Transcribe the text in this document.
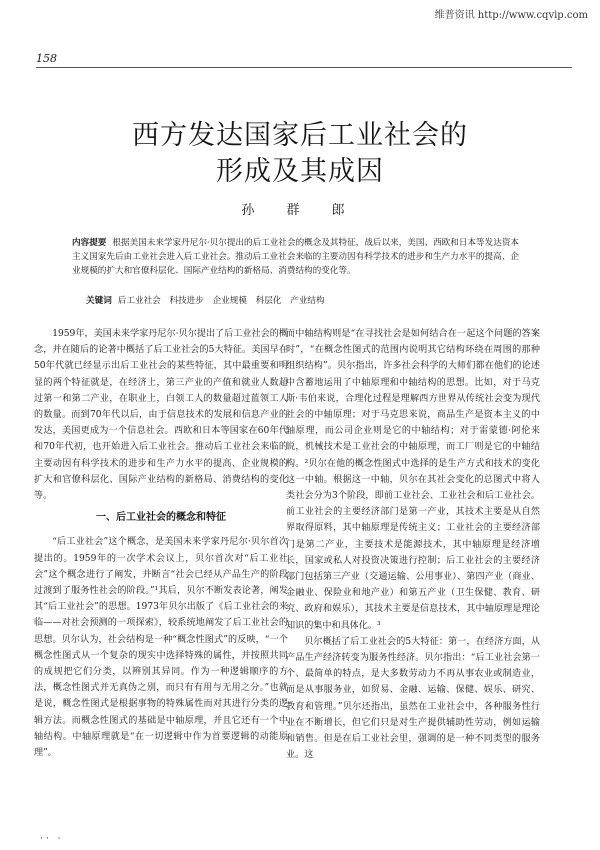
维普资讯 http://www.cqvip.com
158
西方发达国家后工业社会的
形成及其成因
孙 群 郎
内容提要 根据美国未来学家丹尼尔·贝尔提出的后工业社会的概念及其特征，战后以来，美国、西欧和日本等发达资本主义国家先后由工业社会进入后工业社会。推动后工业社会来临的主要动因有科学技术的进步和生产力水平的提高、企业规模的扩大和官僚科层化、国际产业结构的新格局、消费结构的变化等。
关键词 后工业社会 科技进步 企业规模 科层化 产业结构

1959年，美国未来学家丹尼尔·贝尔提出了后工业社会的概念，并在随后的论著中概括了后工业社会的5大特征。美国早在50年代就已经显示出后工业社会的某些特征，其中最重要和明显的两个特征就是，在经济上，第三产业的产值和就业人数超过第一和第二产业，在职业上，白领工人的数量超过蓝领工人的数量。而到70年代以后，由于信息技术的发展和信息产业的发达，美国更成为一个信息社会。西欧和日本等国家在60年代和70年代初，也开始进入后工业社会。推动后工业社会来临的主要动因有科学技术的进步和生产力水平的提高、企业规模的扩大和官僚科层化、国际产业结构的新格局、消费结构的变化等。

一、后工业社会的概念和特征

“后工业社会”这个概念，是美国未来学家丹尼尔·贝尔首次提出的。1959年的一次学术会议上，贝尔首次对“后工业社会”这个概念进行了阐发，并断言“社会已经从产品生产的阶段过渡到了服务性社会的阶段。”¹其后，贝尔不断发表论著，阐发其“后工业社会”的思想。1973年贝尔出版了《后工业社会的来临——对社会预测的一项探索》，较系统地阐发了后工业社会的思想。贝尔认为，社会结构是一种“概念性图式”的反映，“一个概念性图式从一个复杂的现实中选择特殊的属性，并按照共同的成规把它们分类，以辨别其异同。作为一种逻辑顺序的方法，概念性图式并无真伪之别，而只有有用与无用之分。”也就是说，概念性图式是根据事物的特殊属性而对其进行分类的逻辑方法。而概念性图式的基础是中轴原理，并且它还有一个中轴结构。中轴原理就是“在一切逻辑中作为首要逻辑的动能原理”。

而中轴结构则是“在寻找社会是如何结合在一起这个问题的答案时”，“在概念性图式的范围内说明其它结构环绕在周围的那种组织结构”。贝尔指出，许多社会科学的大师们都在他们的论述中含蓄地运用了中轴原理和中轴结构的思想。比如，对于马克斯·韦伯来说，合理化过程是理解西方世界从传统社会变为现代社会的中轴原理；对于马克思来说，商品生产是资本主义的中轴原理，而公司企业则是它的中轴结构；对于雷蒙德·阿伦来说，机械技术是工业社会的中轴原理，而工厂则是它的中轴结构。²贝尔在他的概念性图式中选择的是生产方式和技术的变化这一中轴。根据这一中轴，贝尔在其社会变化的总图式中将人类社会分为3个阶段，即前工业社会、工业社会和后工业社会。前工业社会的主要经济部门是第一产业，其技术主要是从自然界取得原料，其中轴原理是传统主义；工业社会的主要经济部门是第二产业，主要技术是能源技术，其中轴原理是经济增长，国家或私人对投资决策进行控制；后工业社会的主要经济部门包括第三产业（交通运输、公用事业）、第四产业（商业、金融业、保险业和地产业）和第五产业（卫生保健、教育、研究、政府和娱乐），其技术主要是信息技术，其中轴原理是理论知识的集中和具体化。³

贝尔概括了后工业社会的5大特征：第一，在经济方面，从产品生产经济转变为服务性经济。贝尔指出：“后工业社会第一个、最简单的特点，是大多数劳动力不再从事农业或制造业，而是从事服务业，如贸易、金融、运输、保健、娱乐、研究、教育和管理。”贝尔还指出，虽然在工业社会中，各种服务性行业在不断增长，但它们只是对生产提供辅助性劳动，例如运输和销售。但是在后工业社会里，强调的是一种不同类型的服务业。这

·· ·
